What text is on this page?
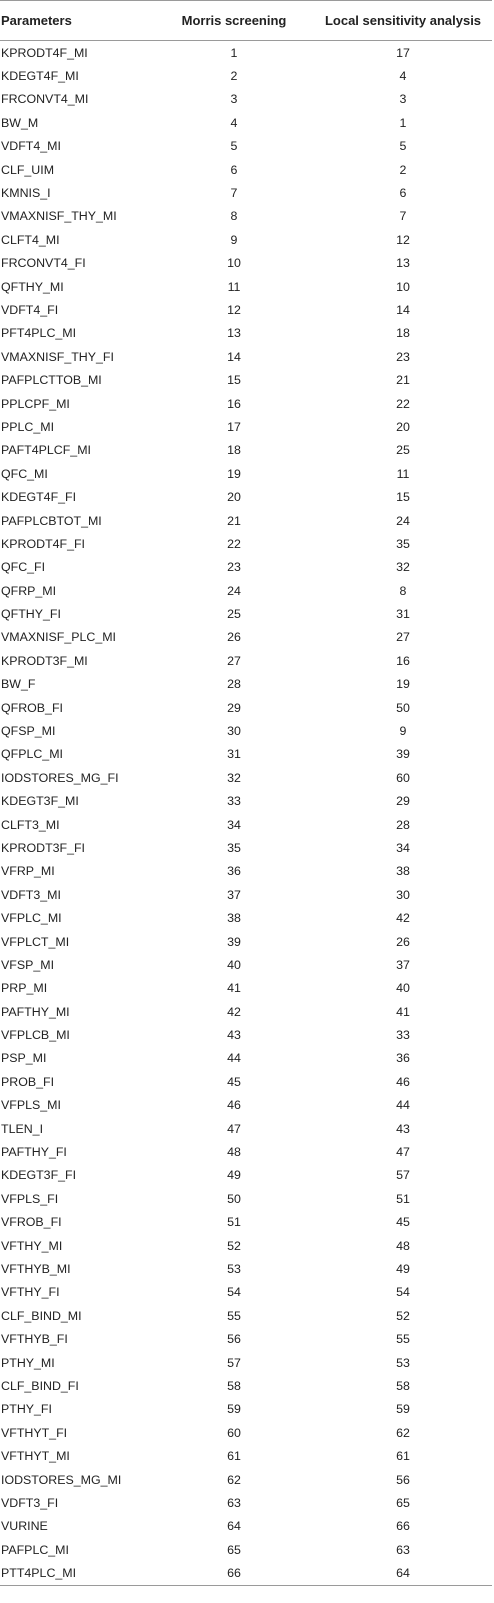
Parameters	Morris screening	Local sensitivity analysis
KPRODT4F_MI	1	17
KDEGT4F_MI	2	4
FRCONVT4_MI	3	3
BW_M	4	1
VDFT4_MI	5	5
CLF_UIM	6	2
KMNIS_I	7	6
VMAXNISF_THY_MI	8	7
CLFT4_MI	9	12
FRCONVT4_FI	10	13
QFTHY_MI	11	10
VDFT4_FI	12	14
PFT4PLC_MI	13	18
VMAXNISF_THY_FI	14	23
PAFPLCTTOB_MI	15	21
PPLCPF_MI	16	22
PPLC_MI	17	20
PAFT4PLCF_MI	18	25
QFC_MI	19	11
KDEGT4F_FI	20	15
PAFPLCBTOT_MI	21	24
KPRODT4F_FI	22	35
QFC_FI	23	32
QFRP_MI	24	8
QFTHY_FI	25	31
VMAXNISF_PLC_MI	26	27
KPRODT3F_MI	27	16
BW_F	28	19
QFROB_FI	29	50
QFSP_MI	30	9
QFPLC_MI	31	39
IODSTORES_MG_FI	32	60
KDEGT3F_MI	33	29
CLFT3_MI	34	28
KPRODT3F_FI	35	34
VFRP_MI	36	38
VDFT3_MI	37	30
VFPLC_MI	38	42
VFPLCT_MI	39	26
VFSP_MI	40	37
PRP_MI	41	40
PAFTHY_MI	42	41
VFPLCB_MI	43	33
PSP_MI	44	36
PROB_FI	45	46
VFPLS_MI	46	44
TLEN_I	47	43
PAFTHY_FI	48	47
KDEGT3F_FI	49	57
VFPLS_FI	50	51
VFROB_FI	51	45
VFTHY_MI	52	48
VFTHYB_MI	53	49
VFTHY_FI	54	54
CLF_BIND_MI	55	52
VFTHYB_FI	56	55
PTHY_MI	57	53
CLF_BIND_FI	58	58
PTHY_FI	59	59
VFTHYT_FI	60	62
VFTHYT_MI	61	61
IODSTORES_MG_MI	62	56
VDFT3_FI	63	65
VURINE	64	66
PAFPLC_MI	65	63
PTT4PLC_MI	66	64
